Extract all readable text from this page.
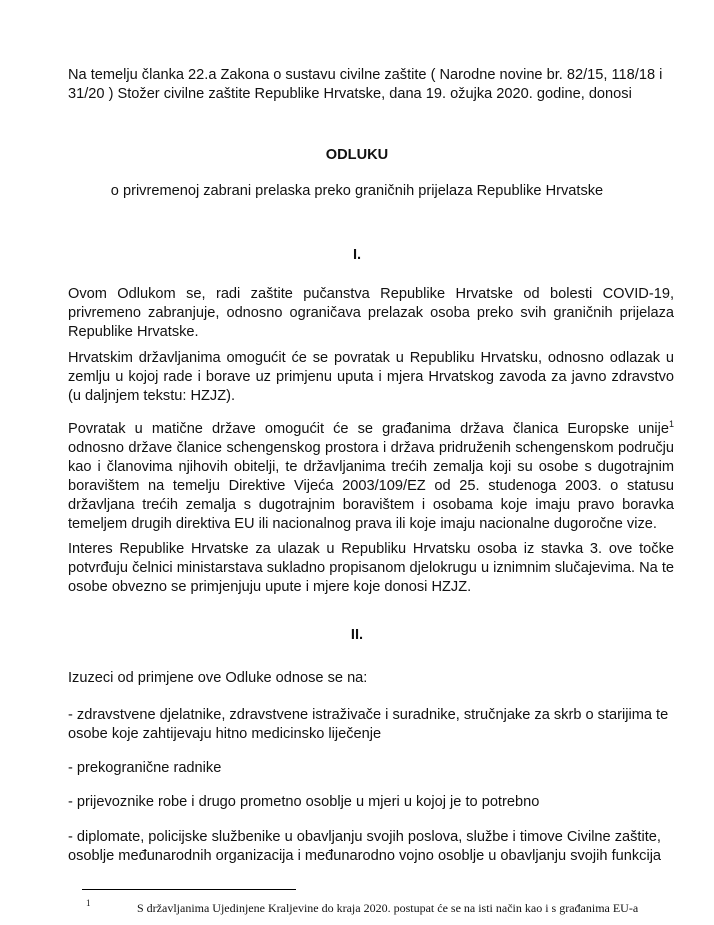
Na temelju članka 22.a Zakona o sustavu civilne zaštite ( Narodne novine br. 82/15, 118/18 i 31/20 ) Stožer civilne zaštite Republike Hrvatske, dana 19. ožujka 2020. godine, donosi
ODLUKU
o privremenoj zabrani prelaska preko graničnih prijelaza Republike Hrvatske
I.
Ovom Odlukom se, radi zaštite pučanstva Republike Hrvatske od bolesti COVID-19, privremeno zabranjuje, odnosno ograničava prelazak osoba preko svih graničnih prijelaza Republike Hrvatske.
Hrvatskim državljanima omogućit će se povratak u Republiku Hrvatsku, odnosno odlazak u zemlju u kojoj rade i borave uz primjenu uputa i mjera Hrvatskog zavoda za javno zdravstvo (u daljnjem tekstu: HZJZ).
Povratak u matične države omogućit će se građanima država članica Europske unije$^1$ odnosno države članice schengenskog prostora i država pridruženih schengenskom području kao i članovima njihovih obitelji, te državljanima trećih zemalja koji su osobe s dugotrajnim boravištem na temelju Direktive Vijeća 2003/109/EZ od 25. studenoga 2003. o statusu državljana trećih zemalja s dugotrajnim boravištem i osobama koje imaju pravo boravka temeljem drugih direktiva EU ili nacionalnog prava ili koje imaju nacionalne dugoročne vize.
Interes Republike Hrvatske za ulazak u Republiku Hrvatsku osoba iz stavka 3. ove točke potvrđuju čelnici ministarstava sukladno propisanom djelokrugu u iznimnim slučajevima. Na te osobe obvezno se primjenjuju upute i mjere koje donosi HZJZ.
II.
Izuzeci od primjene ove Odluke odnose se na:
- zdravstvene djelatnike, zdravstvene istraživače i suradnike, stručnjake za skrb o starijima te osobe koje zahtijevaju hitno medicinsko liječenje
- prekogranične radnike
- prijevoznike robe i drugo prometno osoblje u mjeri u kojoj je to potrebno
- diplomate, policijske službenike u obavljanju svojih poslova, službe i timove Civilne zaštite, osoblje međunarodnih organizacija i međunarodno vojno osoblje u obavljanju svojih funkcija
1	S državljanima Ujedinjene Kraljevine do kraja 2020. postupat će se na isti način kao i s građanima EU-a
